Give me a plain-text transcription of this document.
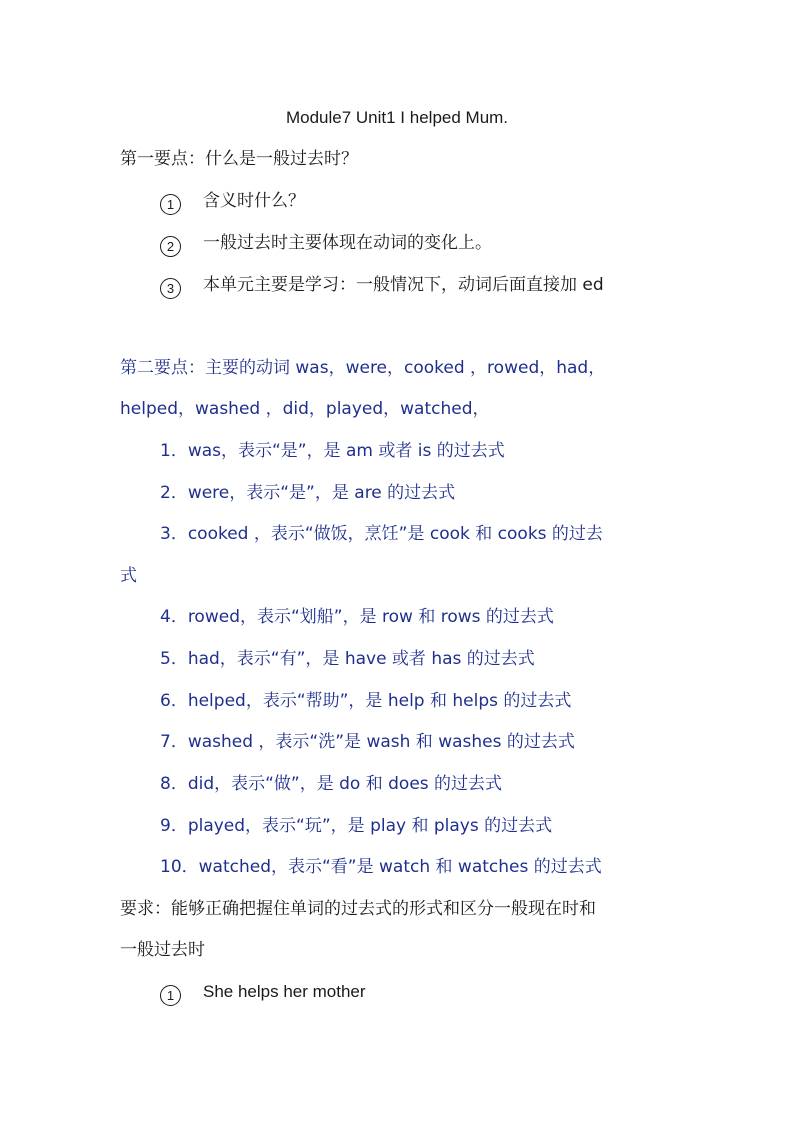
Module7 Unit1 I helped Mum.
第一要点：什么是一般过去时？
1 含义时什么？
2 一般过去时主要体现在动词的变化上。
3 本单元主要是学习：一般情况下，动词后面直接加 ed
第二要点：主要的动词 was，were，cooked ，rowed，had，
helped，washed ，did，played，watched，
1．was，表示“是”，是 am 或者 is 的过去式
2．were，表示“是”，是 are 的过去式
3．cooked ，表示“做饭，烹饪”是 cook 和 cooks 的过去
式
4．rowed，表示“划船”，是 row 和 rows 的过去式
5．had，表示“有”，是 have 或者 has 的过去式
6．helped，表示“帮助”，是 help 和 helps 的过去式
7．washed ，表示“洗”是 wash 和 washes 的过去式
8．did，表示“做”，是 do 和 does 的过去式
9．played，表示“玩”，是 play 和 plays 的过去式
10．watched，表示“看”是 watch 和 watches 的过去式
要求：能够正确把握住单词的过去式的形式和区分一般现在时和
一般过去时
1 She helps her mother
